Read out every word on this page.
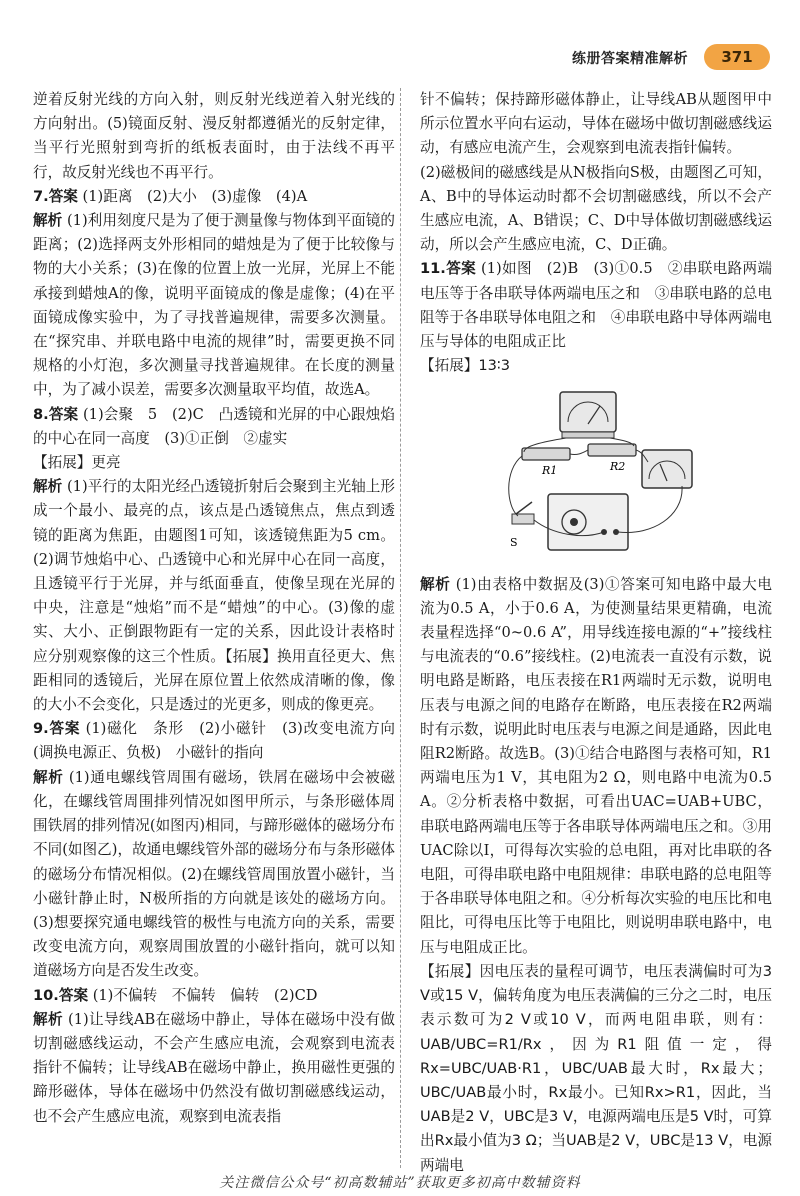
练册答案精准解析	371

逆着反射光线的方向入射，则反射光线逆着入射光线的方向射出。(5)镜面反射、漫反射都遵循光的反射定律，当平行光照射到弯折的纸板表面时，由于法线不再平行，故反射光线也不再平行。

7.答案 (1)距离　(2)大小　(3)虚像　(4)A

解析 (1)利用刻度尺是为了便于测量像与物体到平面镜的距离；(2)选择两支外形相同的蜡烛是为了便于比较像与物的大小关系；(3)在像的位置上放一光屏，光屏上不能承接到蜡烛A的像，说明平面镜成的像是虚像；(4)在平面镜成像实验中，为了寻找普遍规律，需要多次测量。在“探究串、并联电路中电流的规律”时，需要更换不同规格的小灯泡，多次测量寻找普遍规律。在长度的测量中，为了减小误差，需要多次测量取平均值，故选A。

8.答案 (1)会聚　5　(2)C　凸透镜和光屏的中心跟烛焰的中心在同一高度　(3)①正倒　②虚实

【拓展】更亮

解析 (1)平行的太阳光经凸透镜折射后会聚到主光轴上形成一个最小、最亮的点，该点是凸透镜焦点，焦点到透镜的距离为焦距，由题图1可知，该透镜焦距为5 cm。(2)调节烛焰中心、凸透镜中心和光屏中心在同一高度，且透镜平行于光屏，并与纸面垂直，使像呈现在光屏的中央，注意是“烛焰”而不是“蜡烛”的中心。(3)像的虚实、大小、正倒跟物距有一定的关系，因此设计表格时应分别观察像的这三个性质。【拓展】换用直径更大、焦距相同的透镜后，光屏在原位置上依然成清晰的像，像的大小不会变化，只是透过的光更多，则成的像更亮。

9.答案 (1)磁化　条形　(2)小磁针　(3)改变电流方向(调换电源正、负极)　小磁针的指向

解析 (1)通电螺线管周围有磁场，铁屑在磁场中会被磁化，在螺线管周围排列情况如图甲所示，与条形磁体周围铁屑的排列情况(如图丙)相同，与蹄形磁体的磁场分布不同(如图乙)，故通电螺线管外部的磁场分布与条形磁体的磁场分布情况相似。(2)在螺线管周围放置小磁针，当小磁针静止时，N极所指的方向就是该处的磁场方向。(3)想要探究通电螺线管的极性与电流方向的关系，需要改变电流方向，观察周围放置的小磁针指向，就可以知道磁场方向是否发生改变。

10.答案 (1)不偏转　不偏转　偏转　(2)CD

解析 (1)让导线AB在磁场中静止，导体在磁场中没有做切割磁感线运动，不会产生感应电流，会观察到电流表指针不偏转；让导线AB在磁场中静止，换用磁性更强的蹄形磁体，导体在磁场中仍然没有做切割磁感线运动，也不会产生感应电流，观察到电流表指

针不偏转；保持蹄形磁体静止，让导线AB从题图甲中所示位置水平向右运动，导体在磁场中做切割磁感线运动，有感应电流产生，会观察到电流表指针偏转。

(2)磁极间的磁感线是从N极指向S极，由题图乙可知，A、B中的导体运动时都不会切割磁感线，所以不会产生感应电流，A、B错误；C、D中导体做切割磁感线运动，所以会产生感应电流，C、D正确。

11.答案 (1)如图　(2)B　(3)①0.5　②串联电路两端电压等于各串联导体两端电压之和　③串联电路的总电阻等于各串联导体电阻之和　④串联电路中导体两端电压与导体的电阻成正比

【拓展】13∶3

R1	R2
S

解析 (1)由表格中数据及(3)①答案可知电路中最大电流为0.5 A，小于0.6 A，为使测量结果更精确，电流表量程选择“0~0.6 A”，用导线连接电源的“+”接线柱与电流表的“0.6”接线柱。(2)电流表一直没有示数，说明电路是断路，电压表接在R1两端时无示数，说明电压表与电源之间的电路存在断路，电压表接在R2两端时有示数，说明此时电压表与电源之间是通路，因此电阻R2断路。故选B。(3)①结合电路图与表格可知，R1两端电压为1 V，其电阻为2 Ω，则电路中电流为0.5 A。②分析表格中数据，可看出UAC=UAB+UBC，串联电路两端电压等于各串联导体两端电压之和。③用UAC除以I，可得每次实验的总电阻，再对比串联的各电阻，可得串联电路中电阻规律：串联电路的总电阻等于各串联导体电阻之和。④分析每次实验的电压比和电阻比，可得电压比等于电阻比，则说明串联电路中，电压与电阻成正比。

【拓展】因电压表的量程可调节，电压表满偏时可为3 V或15 V，偏转角度为电压表满偏的三分之二时，电压表示数可为2 V或10 V，而两电阻串联，则有：UAB/UBC=R1/Rx，因为R1阻值一定，得Rx=UBC/UAB·R1，UBC/UAB最大时，Rx最大；UBC/UAB最小时，Rx最小。已知Rx>R1，因此，当UAB是2 V，UBC是3 V，电源两端电压是5 V时，可算出Rx最小值为3 Ω；当UAB是2 V，UBC是13 V，电源两端电

关注微信公众号“初高数辅站”获取更多初高中数辅资料
